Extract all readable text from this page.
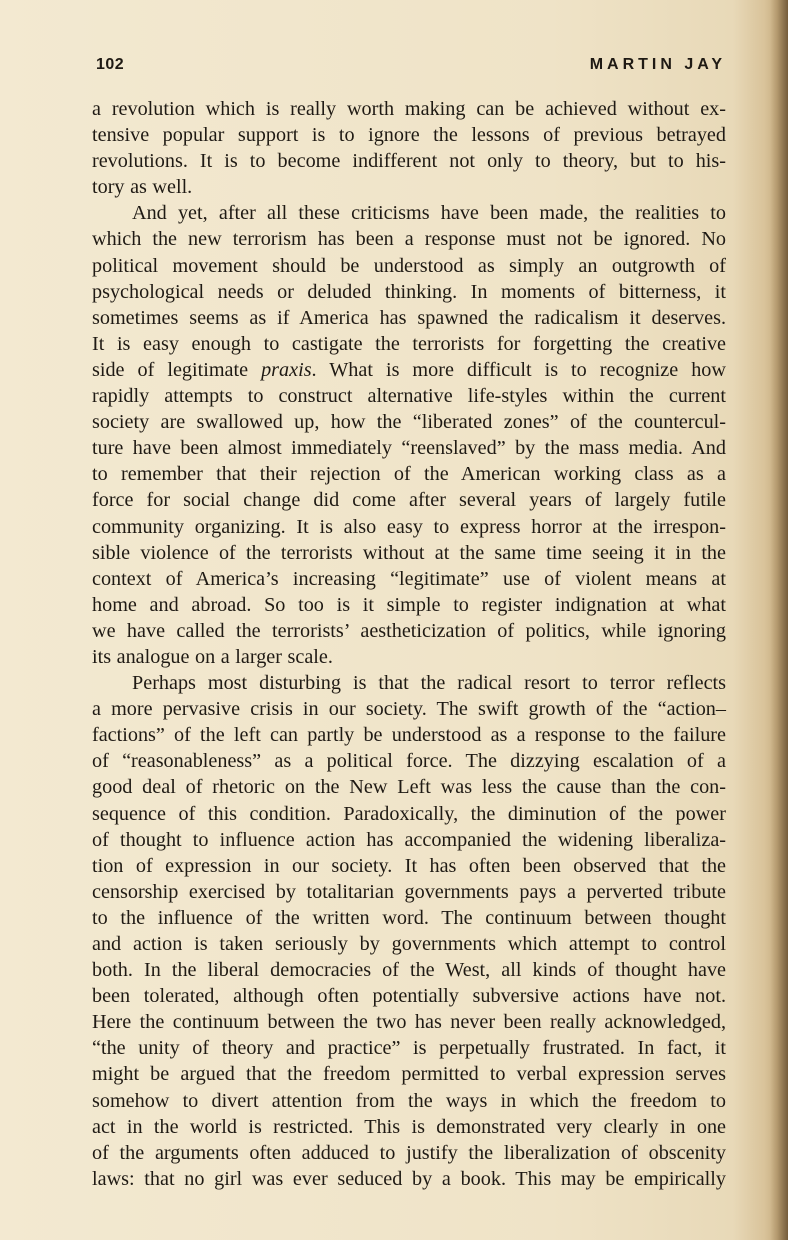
102	MARTIN JAY
a revolution which is really worth making can be achieved without ex-
tensive popular support is to ignore the lessons of previous betrayed
revolutions. It is to become indifferent not only to theory, but to his-
tory as well.
And yet, after all these criticisms have been made, the realities to
which the new terrorism has been a response must not be ignored. No
political movement should be understood as simply an outgrowth of
psychological needs or deluded thinking. In moments of bitterness, it
sometimes seems as if America has spawned the radicalism it deserves.
It is easy enough to castigate the terrorists for forgetting the creative
side of legitimate praxis. What is more difficult is to recognize how
rapidly attempts to construct alternative life-styles within the current
society are swallowed up, how the “liberated zones” of the countercul-
ture have been almost immediately “reenslaved” by the mass media. And
to remember that their rejection of the American working class as a
force for social change did come after several years of largely futile
community organizing. It is also easy to express horror at the irrespon-
sible violence of the terrorists without at the same time seeing it in the
context of America’s increasing “legitimate” use of violent means at
home and abroad. So too is it simple to register indignation at what
we have called the terrorists’ aestheticization of politics, while ignoring
its analogue on a larger scale.
Perhaps most disturbing is that the radical resort to terror reflects
a more pervasive crisis in our society. The swift growth of the “action–
factions” of the left can partly be understood as a response to the failure
of “reasonableness” as a political force. The dizzying escalation of a
good deal of rhetoric on the New Left was less the cause than the con-
sequence of this condition. Paradoxically, the diminution of the power
of thought to influence action has accompanied the widening liberaliza-
tion of expression in our society. It has often been observed that the
censorship exercised by totalitarian governments pays a perverted tribute
to the influence of the written word. The continuum between thought
and action is taken seriously by governments which attempt to control
both. In the liberal democracies of the West, all kinds of thought have
been tolerated, although often potentially subversive actions have not.
Here the continuum between the two has never been really acknowledged,
“the unity of theory and practice” is perpetually frustrated. In fact, it
might be argued that the freedom permitted to verbal expression serves
somehow to divert attention from the ways in which the freedom to
act in the world is restricted. This is demonstrated very clearly in one
of the arguments often adduced to justify the liberalization of obscenity
laws: that no girl was ever seduced by a book. This may be empirically
